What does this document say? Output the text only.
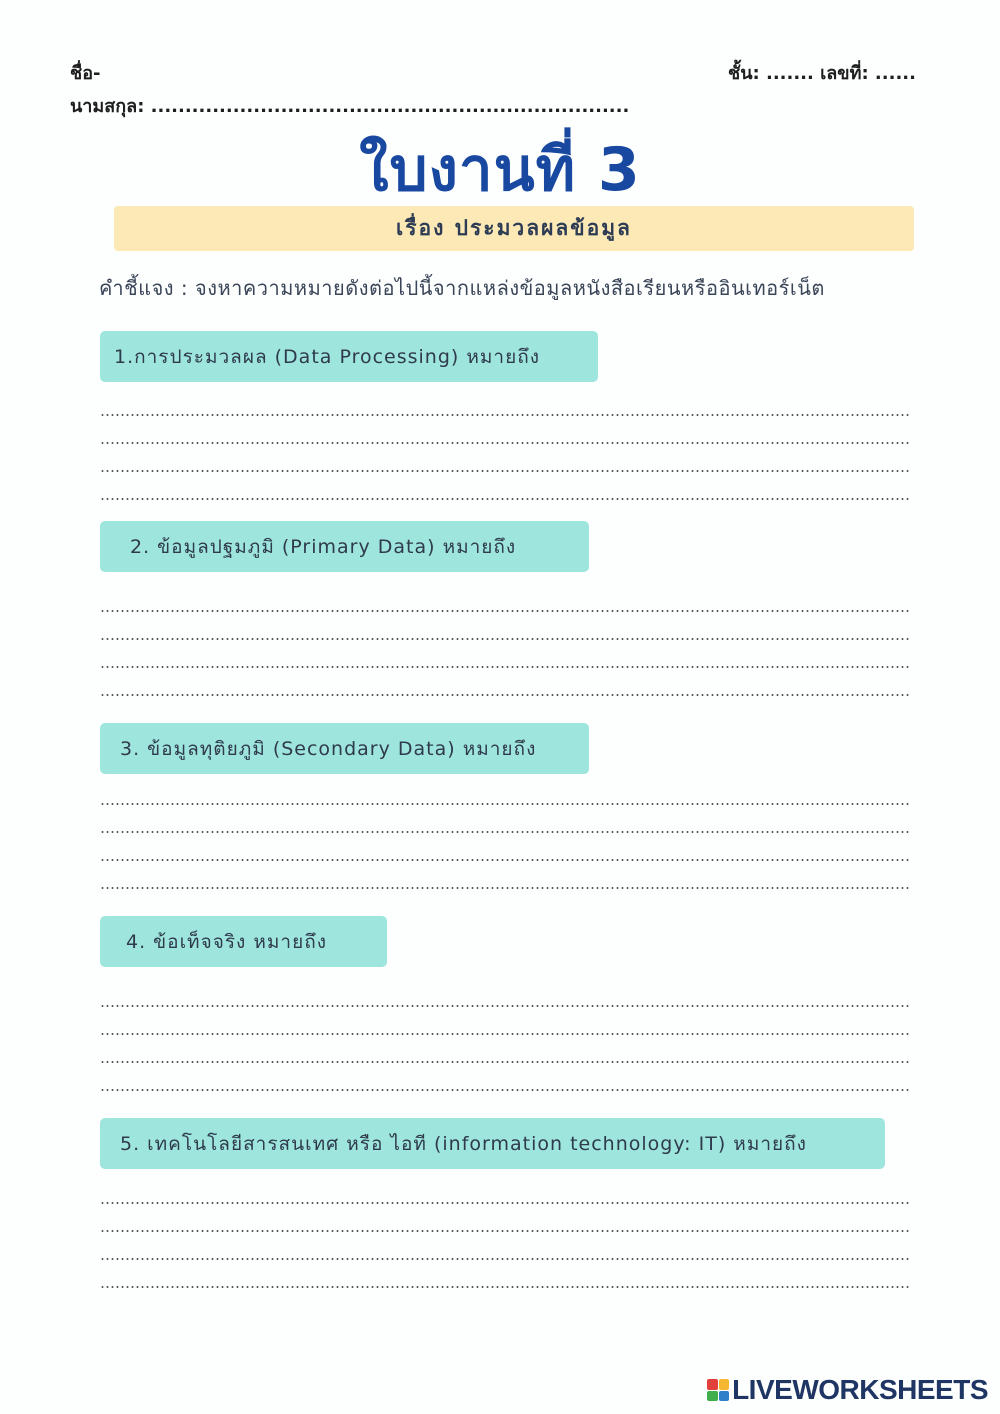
ชื่อ-
นามสกุล: ......................................................................
ชั้น: ....... เลขที่: ......
ใบงานที่ 3
เรื่อง ประมวลผลข้อมูล
คำชี้แจง : จงหาความหมายดังต่อไปนี้จากแหล่งข้อมูลหนังสือเรียนหรืออินเทอร์เน็ต
1.การประมวลผล (Data Processing) หมายถึง
2. ข้อมูลปฐมภูมิ (Primary Data) หมายถึง
3. ข้อมูลทุติยภูมิ (Secondary Data) หมายถึง
4. ข้อเท็จจริง หมายถึง
5. เทคโนโลยีสารสนเทศ หรือ ไอที (information technology: IT) หมายถึง
LIVEWORKSHEETS
